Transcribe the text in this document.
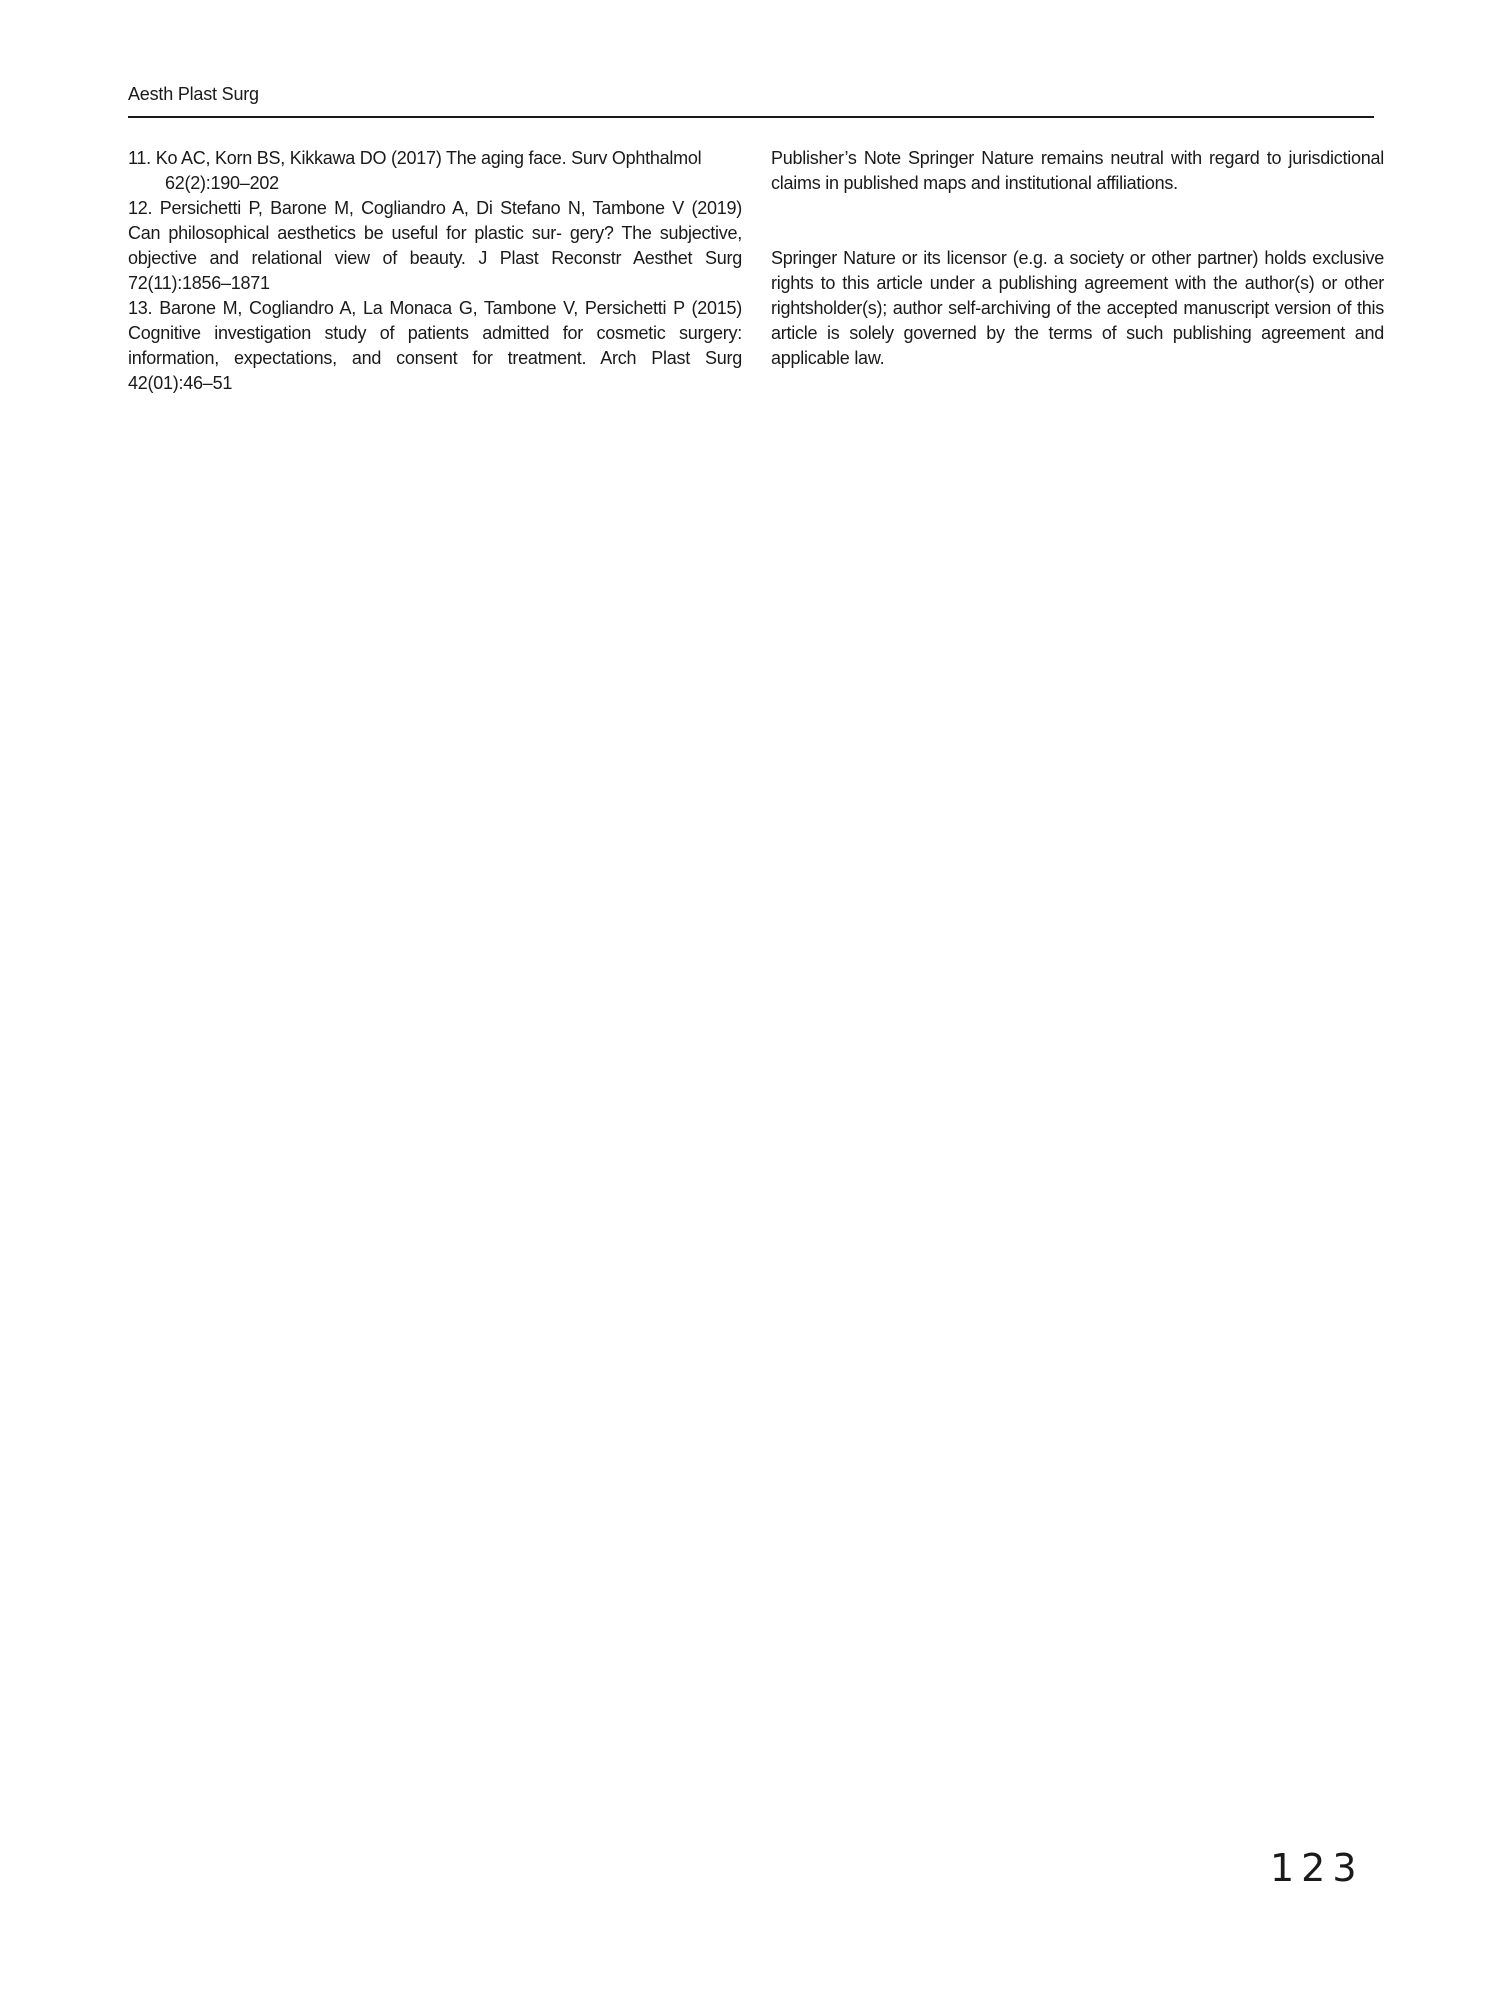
Aesth Plast Surg

11. Ko AC, Korn BS, Kikkawa DO (2017) The aging face. Surv Ophthalmol 62(2):190–202

12. Persichetti P, Barone M, Cogliandro A, Di Stefano N, Tambone V (2019) Can philosophical aesthetics be useful for plastic sur- gery? The subjective, objective and relational view of beauty. J Plast Reconstr Aesthet Surg 72(11):1856–1871

13. Barone M, Cogliandro A, La Monaca G, Tambone V, Persichetti P (2015) Cognitive investigation study of patients admitted for cosmetic surgery: information, expectations, and consent for treatment. Arch Plast Surg 42(01):46–51

Publisher’s Note Springer Nature remains neutral with regard to jurisdictional claims in published maps and institutional affiliations.

Springer Nature or its licensor (e.g. a society or other partner) holds exclusive rights to this article under a publishing agreement with the author(s) or other rightsholder(s); author self-archiving of the accepted manuscript version of this article is solely governed by the terms of such publishing agreement and applicable law.

123
